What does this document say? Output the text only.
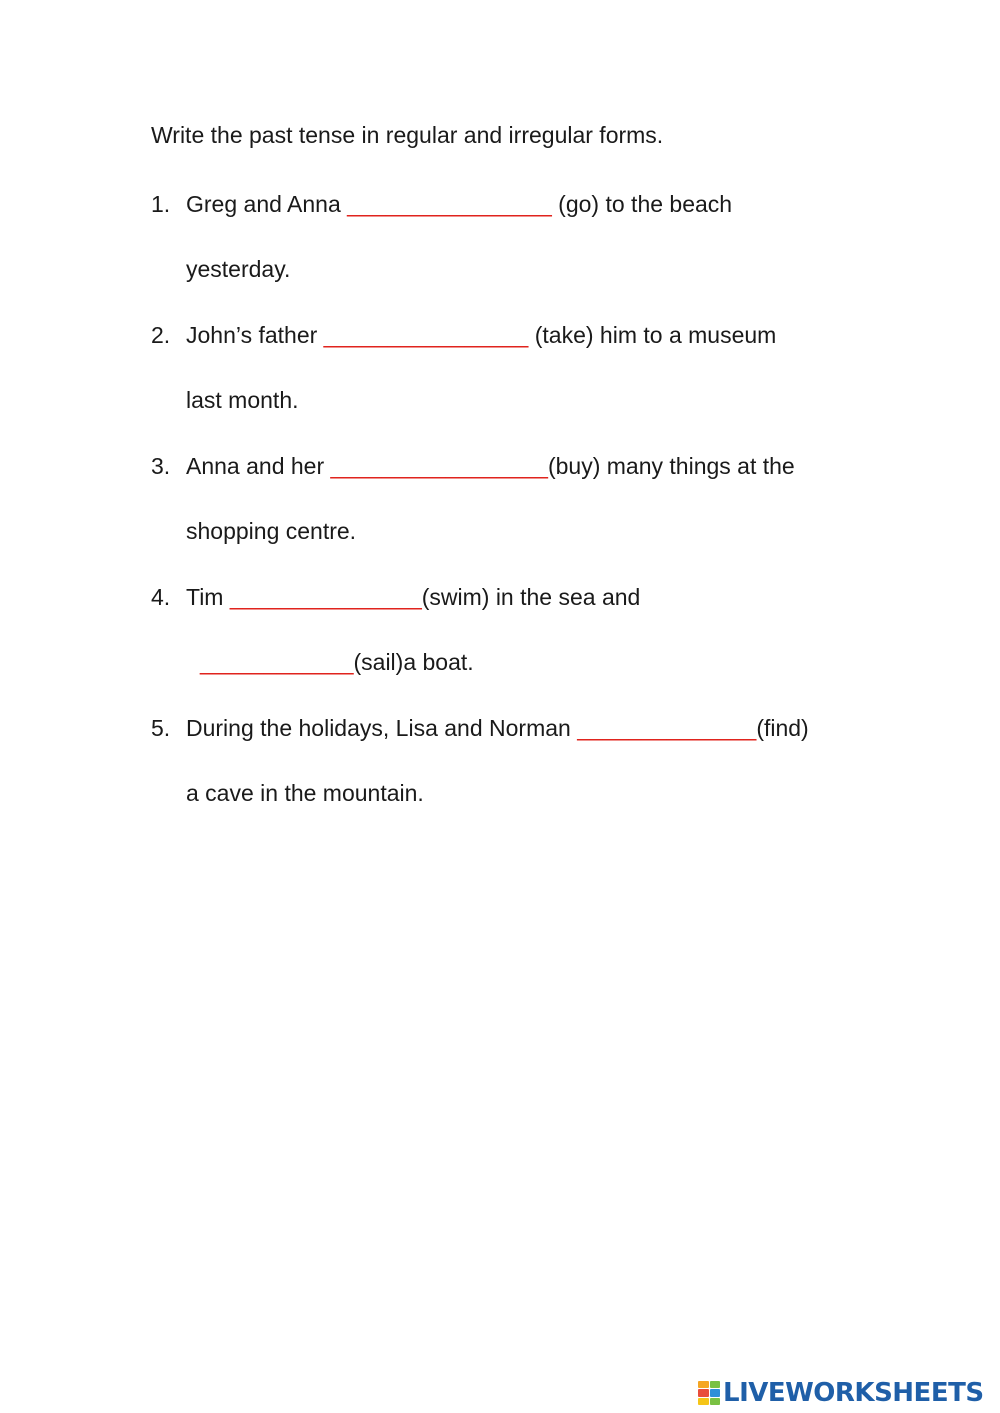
Write the past tense in regular and irregular forms.
1. Greg and Anna ________________ (go) to the beach
yesterday.
2. John’s father ________________ (take) him to a museum
last month.
3. Anna and her _________________(buy) many things at the
shopping centre.
4. Tim _______________(swim) in the sea and
____________(sail)a boat.
5. During the holidays, Lisa and Norman ______________(find)
a cave in the mountain.
LIVEWORKSHEETS
